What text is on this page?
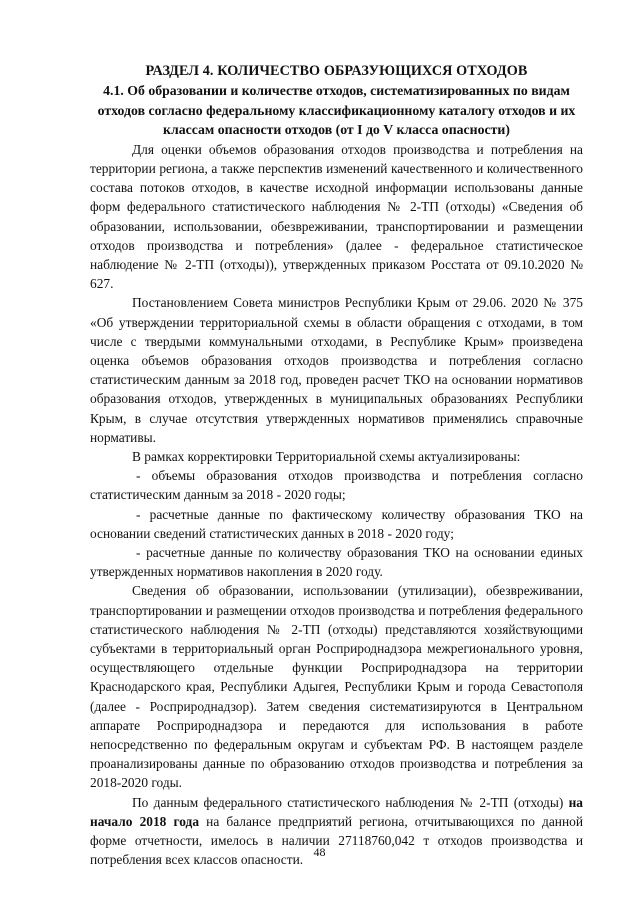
РАЗДЕЛ 4. КОЛИЧЕСТВО ОБРАЗУЮЩИХСЯ ОТХОДОВ

4.1. Об образовании и количестве отходов, систематизированных по видам отходов согласно федеральному классификационному каталогу отходов и их классам опасности отходов (от I до V класса опасности)

Для оценки объемов образования отходов производства и потребления на территории региона, а также перспектив изменений качественного и количественного состава потоков отходов, в качестве исходной информации использованы данные форм федерального статистического наблюдения № 2-ТП (отходы) «Сведения об образовании, использовании, обезвреживании, транспортировании и размещении отходов производства и потребления» (далее - федеральное статистическое наблюдение № 2-ТП (отходы)), утвержденных приказом Росстата от 09.10.2020 № 627.

Постановлением Совета министров Республики Крым от 29.06. 2020 № 375 «Об утверждении территориальной схемы в области обращения с отходами, в том числе с твердыми коммунальными отходами, в Республике Крым» произведена оценка объемов образования отходов производства и потребления согласно статистическим данным за 2018 год, проведен расчет ТКО на основании нормативов образования отходов, утвержденных в муниципальных образованиях Республики Крым, в случае отсутствия утвержденных нормативов применялись справочные нормативы.

В рамках корректировки Территориальной схемы актуализированы:

- объемы образования отходов производства и потребления согласно статистическим данным за 2018 - 2020 годы;

- расчетные данные по фактическому количеству образования ТКО на основании сведений статистических данных в 2018 - 2020 году;

- расчетные данные по количеству образования ТКО на основании единых утвержденных нормативов накопления в 2020 году.

Сведения об образовании, использовании (утилизации), обезвреживании, транспортировании и размещении отходов производства и потребления федерального статистического наблюдения № 2-ТП (отходы) представляются хозяйствующими субъектами в территориальный орган Росприроднадзора межрегионального уровня, осуществляющего отдельные функции Росприроднадзора на территории Краснодарского края, Республики Адыгея, Республики Крым и города Севастополя (далее - Росприроднадзор). Затем сведения систематизируются в Центральном аппарате Росприроднадзора и передаются для использования в работе непосредственно по федеральным округам и субъектам РФ. В настоящем разделе проанализированы данные по образованию отходов производства и потребления за 2018-2020 годы.

По данным федерального статистического наблюдения № 2-ТП (отходы) на начало 2018 года на балансе предприятий региона, отчитывающихся по данной форме отчетности, имелось в наличии 27118760,042 т отходов производства и потребления всех классов опасности.

48
